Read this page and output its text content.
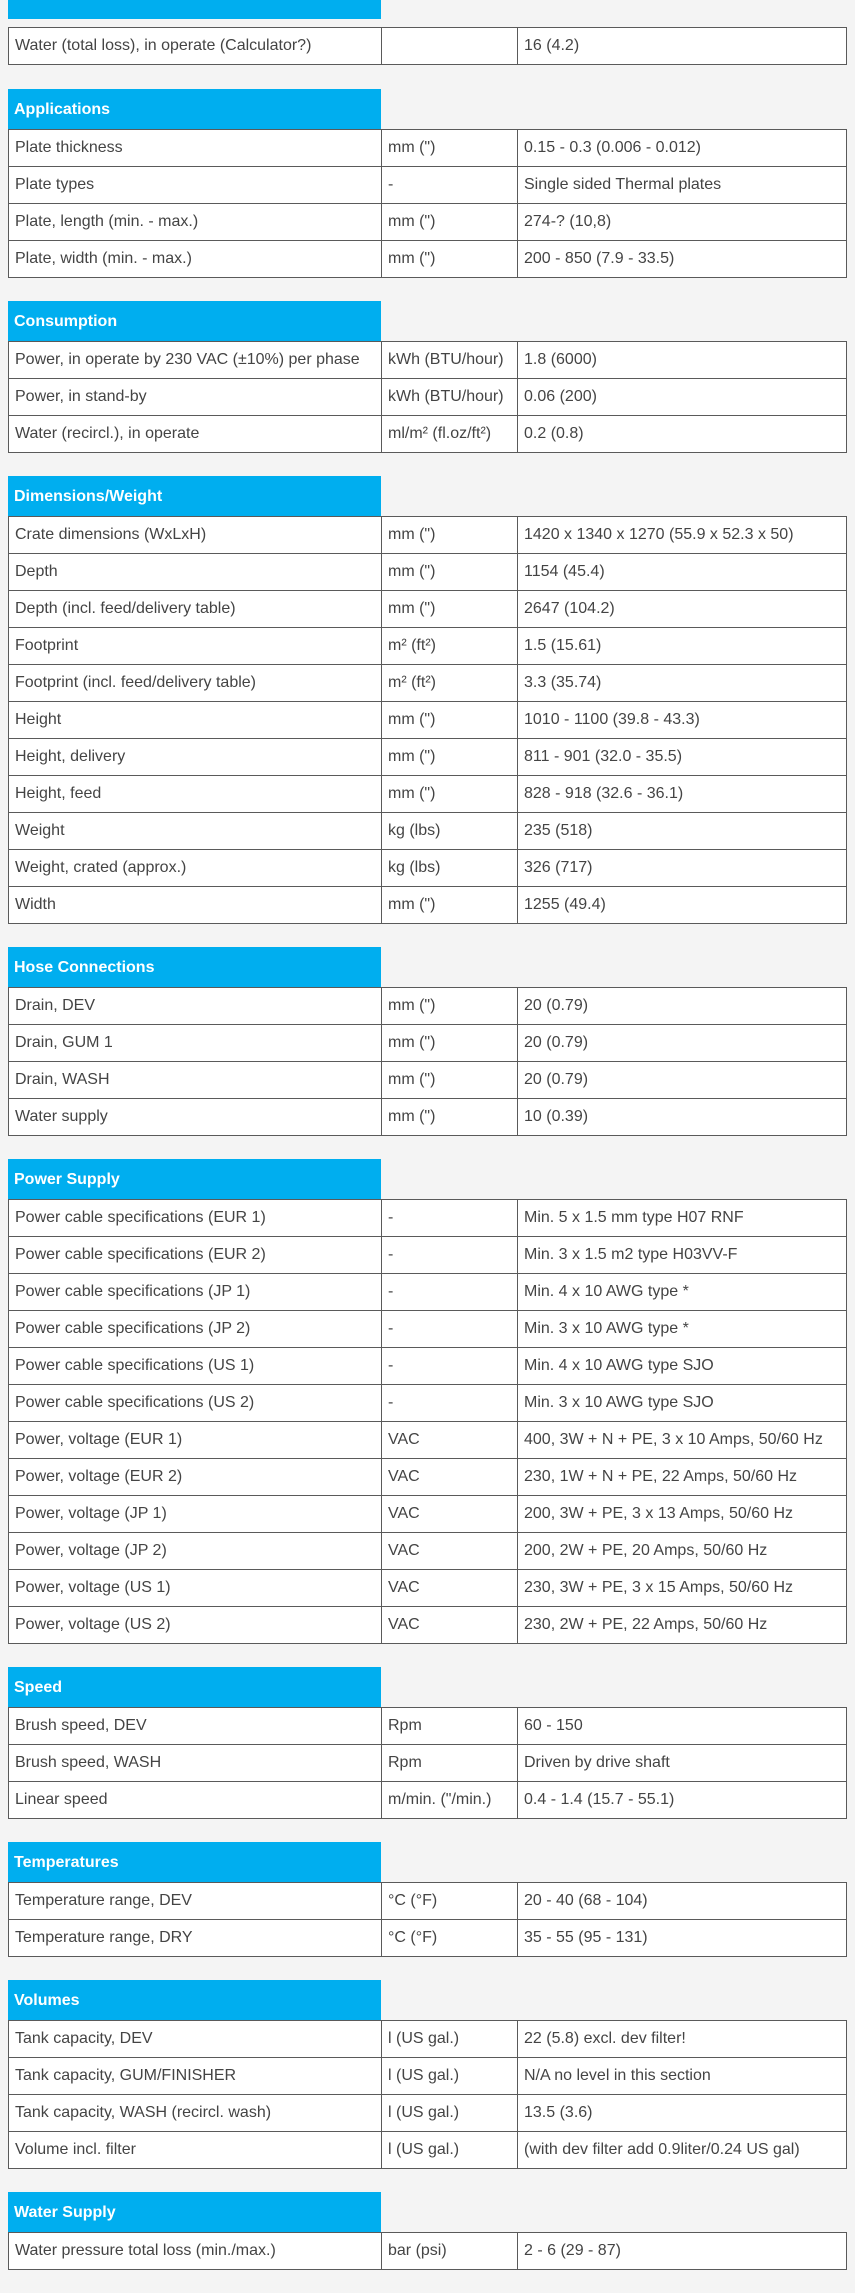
Water (total loss), in operate (Calculator?)		16 (4.2)
Applications
Plate thickness	mm (")	0.15 - 0.3 (0.006 - 0.012)
Plate types	-	Single sided Thermal plates
Plate, length (min. - max.)	mm (")	274-? (10,8)
Plate, width (min. - max.)	mm (")	200 - 850 (7.9 - 33.5)
Consumption
Power, in operate by 230 VAC (±10%) per phase	kWh (BTU/hour)	1.8 (6000)
Power, in stand-by	kWh (BTU/hour)	0.06 (200)
Water (recircl.), in operate	ml/m² (fl.oz/ft²)	0.2 (0.8)
Dimensions/Weight
Crate dimensions (WxLxH)	mm (")	1420 x 1340 x 1270 (55.9 x 52.3 x 50)
Depth	mm (")	1154 (45.4)
Depth (incl. feed/delivery table)	mm (")	2647 (104.2)
Footprint	m² (ft²)	1.5 (15.61)
Footprint (incl. feed/delivery table)	m² (ft²)	3.3 (35.74)
Height	mm (")	1010 - 1100 (39.8 - 43.3)
Height, delivery	mm (")	811 - 901 (32.0 - 35.5)
Height, feed	mm (")	828 - 918 (32.6 - 36.1)
Weight	kg (lbs)	235 (518)
Weight, crated (approx.)	kg (lbs)	326 (717)
Width	mm (")	1255 (49.4)
Hose Connections
Drain, DEV	mm (")	20 (0.79)
Drain, GUM 1	mm (")	20 (0.79)
Drain, WASH	mm (")	20 (0.79)
Water supply	mm (")	10 (0.39)
Power Supply
Power cable specifications (EUR 1)	-	Min. 5 x 1.5 mm type H07 RNF
Power cable specifications (EUR 2)	-	Min. 3 x 1.5 m2 type H03VV-F
Power cable specifications (JP 1)	-	Min. 4 x 10 AWG type *
Power cable specifications (JP 2)	-	Min. 3 x 10 AWG type *
Power cable specifications (US 1)	-	Min. 4 x 10 AWG type SJO
Power cable specifications (US 2)	-	Min. 3 x 10 AWG type SJO
Power, voltage (EUR 1)	VAC	400, 3W + N + PE, 3 x 10 Amps, 50/60 Hz
Power, voltage (EUR 2)	VAC	230, 1W + N + PE, 22 Amps, 50/60 Hz
Power, voltage (JP 1)	VAC	200, 3W + PE, 3 x 13 Amps, 50/60 Hz
Power, voltage (JP 2)	VAC	200, 2W + PE, 20 Amps, 50/60 Hz
Power, voltage (US 1)	VAC	230, 3W + PE, 3 x 15 Amps, 50/60 Hz
Power, voltage (US 2)	VAC	230, 2W + PE, 22 Amps, 50/60 Hz
Speed
Brush speed, DEV	Rpm	60 - 150
Brush speed, WASH	Rpm	Driven by drive shaft
Linear speed	m/min. ("/min.)	0.4 - 1.4 (15.7 - 55.1)
Temperatures
Temperature range, DEV	°C (°F)	20 - 40 (68 - 104)
Temperature range, DRY	°C (°F)	35 - 55 (95 - 131)
Volumes
Tank capacity, DEV	l (US gal.)	22 (5.8) excl. dev filter!
Tank capacity, GUM/FINISHER	l (US gal.)	N/A no level in this section
Tank capacity, WASH (recircl. wash)	l (US gal.)	13.5 (3.6)
Volume incl. filter	l (US gal.)	(with dev filter add 0.9liter/0.24 US gal)
Water Supply
Water pressure total loss (min./max.)	bar (psi)	2 - 6 (29 - 87)
